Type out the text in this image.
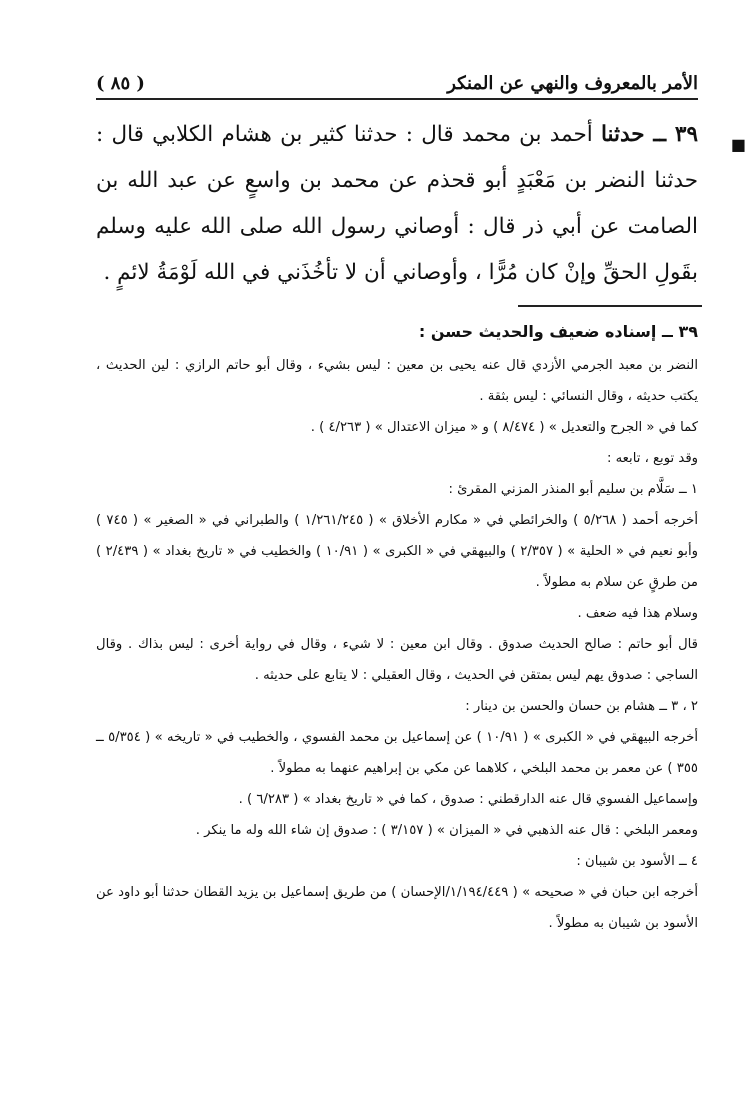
الأمر بالمعروف والنهي عن المنكر
( ٨٥ )
■
٣٩ ــ حدثنا أحمد بن محمد قال : حدثنا كثير بن هشام الكلابي قال : حدثنا النضر بن مَعْبَدٍ أبو قحذم عن محمد بن واسعٍ عن عبد الله بن الصامت عن أبي ذر قال : أوصاني رسول الله صلى الله عليه وسلم بقَولِ الحقِّ وإنْ كان مُرًّا ، وأوصاني أن لا تأخُذَني في الله لَوْمَةُ لائمٍ .

٣٩ ــ إسناده ضعيف والحديث حسن :

النضر بن معبد الجرمي الأزدي قال عنه يحيى بن معين : ليس بشيء ، وقال أبو حاتم الرازي : لين الحديث ، يكتب حديثه ، وقال النسائي : ليس بثقة .

كما في « الجرح والتعديل » ( ٨/٤٧٤ ) و « ميزان الاعتدال » ( ٤/٢٦٣ ) .

وقد توبع ، تابعه :

١ ــ سَلَّام بن سليم أبو المنذر المزني المقرئ :

أخرجه أحمد ( ٥/٢٦٨ ) والخرائطي في « مكارم الأخلاق » ( ١/٢٦١/٢٤٥ ) والطبراني في « الصغير » ( ٧٤٥ ) وأبو نعيم في « الحلية » ( ٢/٣٥٧ ) والبيهقي في « الكبرى » ( ١٠/٩١ ) والخطيب في « تاريخ بغداد » ( ٢/٤٣٩ ) من طرقٍ عن سلام به مطولاً .

وسلام هذا فيه ضعف .

قال أبو حاتم : صالح الحديث صدوق . وقال ابن معين : لا شيء ، وقال في رواية أخرى : ليس بذاك . وقال الساجي : صدوق يهم ليس بمتقن في الحديث ، وقال العقيلي : لا يتابع على حديثه .

٢ ، ٣ ــ هشام بن حسان والحسن بن دينار :

أخرجه البيهقي في « الكبرى » ( ١٠/٩١ ) عن إسماعيل بن محمد الفسوي ، والخطيب في « تاريخه » ( ٥/٣٥٤ ــ ٣٥٥ ) عن معمر بن محمد البلخي ، كلاهما عن مكي بن إبراهيم عنهما به مطولاً .

وإسماعيل الفسوي قال عنه الدارقطني : صدوق ، كما في « تاريخ بغداد » ( ٦/٢٨٣ ) .

ومعمر البلخي : قال عنه الذهبي في « الميزان » ( ٣/١٥٧ ) : صدوق إن شاء الله وله ما ينكر .

٤ ــ الأسود بن شيبان :

أخرجه ابن حبان في « صحيحه » ( ١/١٩٤/٤٤٩/الإحسان ) من طريق إسماعيل بن يزيد القطان حدثنا أبو داود عن الأسود بن شيبان به مطولاً .
